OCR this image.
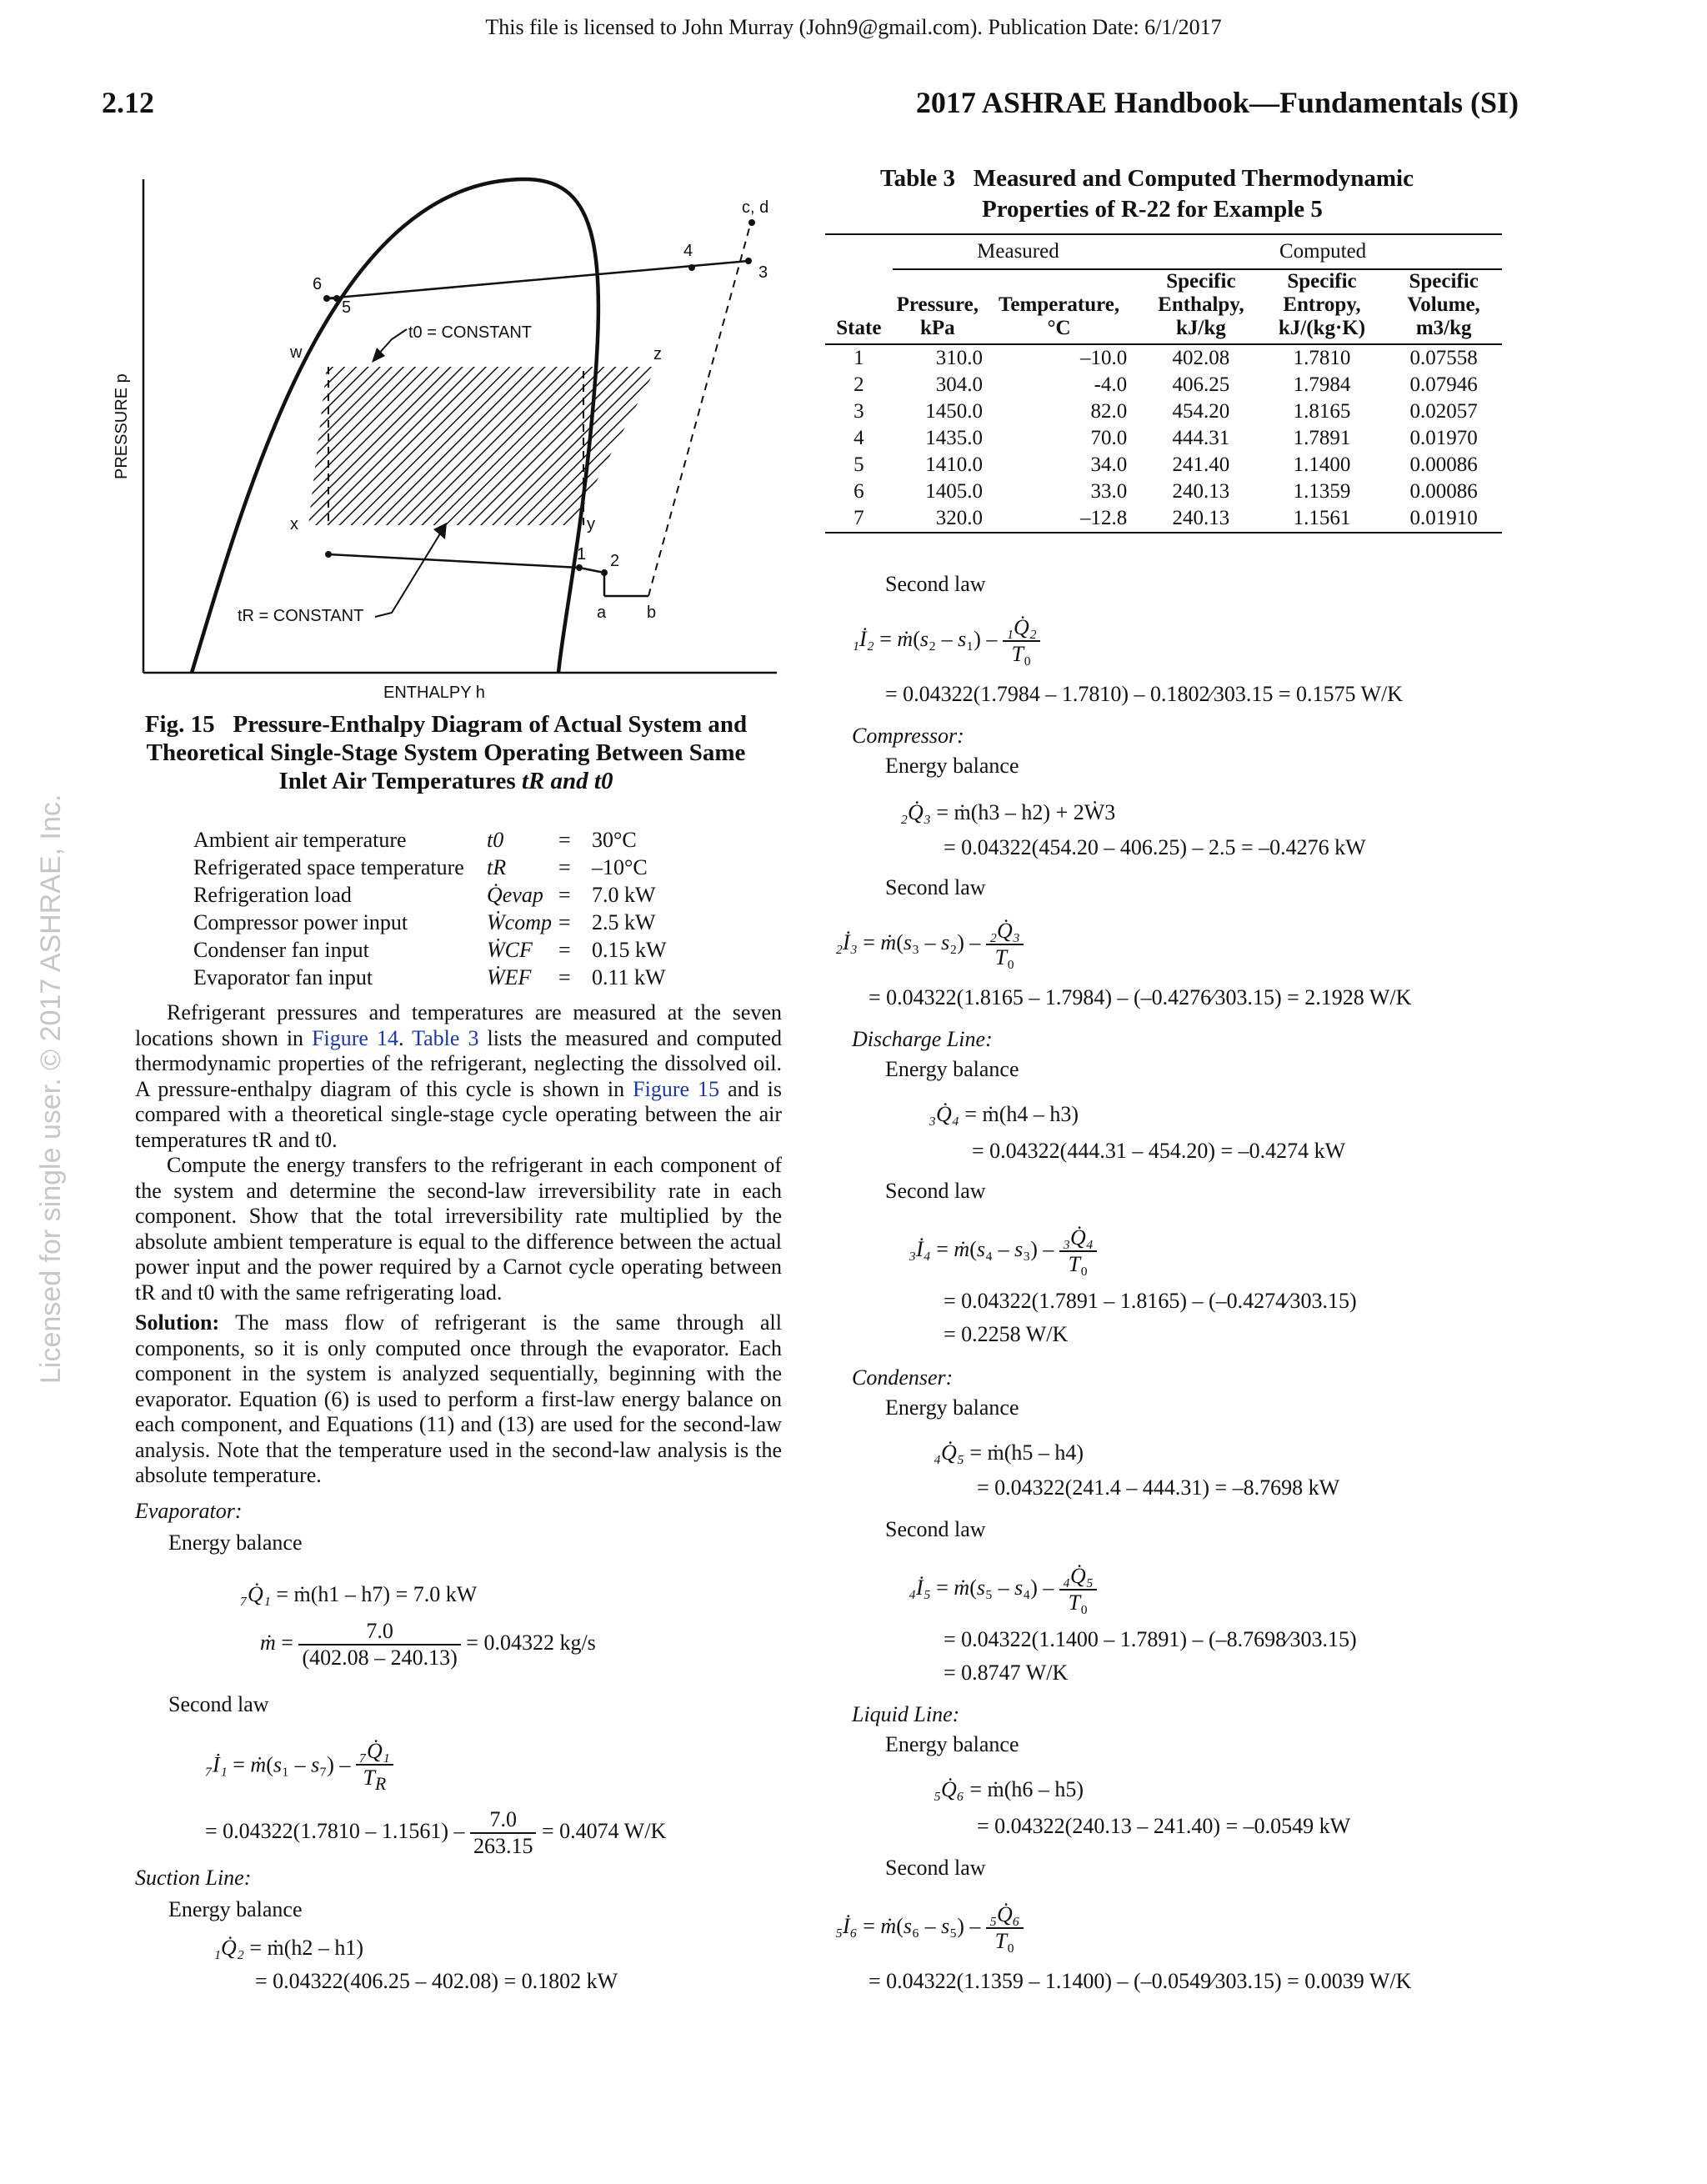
This file is licensed to John Murray (John9@gmail.com). Publication Date: 6/1/2017
2.12	2017 ASHRAE Handbook—Fundamentals (SI)
Licensed for single user. © 2017 ASHRAE, Inc.
c, d
4
3
6
5
w	z
x	y
1 2
a b
t0 = CONSTANT
tR = CONSTANT
ENTHALPY h
PRESSURE p
Fig. 15 Pressure-Enthalpy Diagram of Actual System and
Theoretical Single-Stage System Operating Between Same
Inlet Air Temperatures tR and t0
Ambient air temperature	t0	= 30°C
Refrigerated space temperature tR = –10°C
Refrigeration load	Q̇evap = 7.0 kW
Compressor power input	Ẇcomp = 2.5 kW
Condenser fan input	ẆCF = 0.15 kW
Evaporator fan input	ẆEF = 0.11 kW

Refrigerant pressures and temperatures are measured at the seven locations shown in Figure 14. Table 3 lists the measured and computed thermodynamic properties of the refrigerant, neglecting the dissolved oil. A pressure-enthalpy diagram of this cycle is shown in Figure 15 and is compared with a theoretical single-stage cycle operating between the air temperatures tR and t0.

Compute the energy transfers to the refrigerant in each component of the system and determine the second-law irreversibility rate in each component. Show that the total irreversibility rate multiplied by the absolute ambient temperature is equal to the difference between the actual power input and the power required by a Carnot cycle operating between tR and t0 with the same refrigerating load.

Solution: The mass flow of refrigerant is the same through all components, so it is only computed once through the evaporator. Each component in the system is analyzed sequentially, beginning with the evaporator. Equation (6) is used to perform a first-law energy balance on each component, and Equations (11) and (13) are used for the second-law analysis. Note that the temperature used in the second-law analysis is the absolute temperature.

Evaporator:
Energy balance
₇Q̇₁ = ṁ(h1 – h7) = 7.0 kW
ṁ = $\frac{7.0}{(402.08 - 240.13)} = 0.04322$ kg/s
Second law
₇İ₁ = ṁ(s₁ – $s_7) - \frac{\text{₇Q̇₁}}{T_R}$
= $0.04322(1.7810 - 1.1561) - \frac{7.0}{263.15} = 0.4074$ W/K
Suction Line:
Energy balance
₁Q̇₂ = ṁ(h2 – h1)
= 0.04322(406.25 – 402.08) = 0.1802 kW
Table 3 Measured and Computed Thermodynamic
Properties of R-22 for Example 5
	Measured		Computed		
State	Pressure, kPa	Temperature, °C	Specific Enthalpy, kJ/kg	Specific Entropy, kJ/(kg·K)	Specific Volume, m3/kg
1	310.0	–10.0	402.08	1.7810	0.07558
2	304.0	-4.0	406.25	1.7984	0.07946
3	1450.0	82.0	454.20	1.8165	0.02057
4	1435.0	70.0	444.31	1.7891	0.01970
5	1410.0	34.0	241.40	1.1400	0.00086
6	1405.0	33.0	240.13	1.1359	0.00086
7	320.0	–12.8	240.13	1.1561	0.01910
Second law
₁İ₂ = ṁ(s₂ – $s_1) - \frac{\text{₁Q̇₂}}{\text{T₀}}$
= 0.04322(1.7984 – 1.7810) – 0.1802⁄303.15 = 0.1575 W/K
Compressor:
Energy balance
₂Q̇₃ = ṁ(h3 – h2) + 2Ẇ3
= 0.04322(454.20 – 406.25) – 2.5 = –0.4276 kW
Second law
₂İ₃ = ṁ(s₃ – $s_2) - \frac{\text{₂Q̇₃}}{\text{T₀}}$
= 0.04322(1.8165 – 1.7984) – (–0.4276⁄303.15) = 2.1928 W/K
Discharge Line:
Energy balance
₃Q̇₄ = ṁ(h4 – h3)
= 0.04322(444.31 – 454.20) = –0.4274 kW
Second law
₃İ₄ = ṁ(s₄ – $s_3) - \frac{\text{₃Q̇₄}}{\text{T₀}}$
= 0.04322(1.7891 – 1.8165) – (–0.4274⁄303.15)
= 0.2258 W/K
Condenser:
Energy balance
₄Q̇₅ = ṁ(h5 – h4)
= 0.04322(241.4 – 444.31) = –8.7698 kW
Second law
₄İ₅ = ṁ(s₅ – $s_4) - \frac{\text{₄Q̇₅}}{\text{T₀}}$
= 0.04322(1.1400 – 1.7891) – (–8.7698⁄303.15)
= 0.8747 W/K
Liquid Line:
Energy balance
₅Q̇₆ = ṁ(h6 – h5)
= 0.04322(240.13 – 241.40) = –0.0549 kW
Second law
₅İ₆ = ṁ(s₆ – $s_5) - \frac{\text{₅Q̇₆}}{\text{T₀}}$
= 0.04322(1.1359 – 1.1400) – (–0.0549⁄303.15) = 0.0039 W/K
